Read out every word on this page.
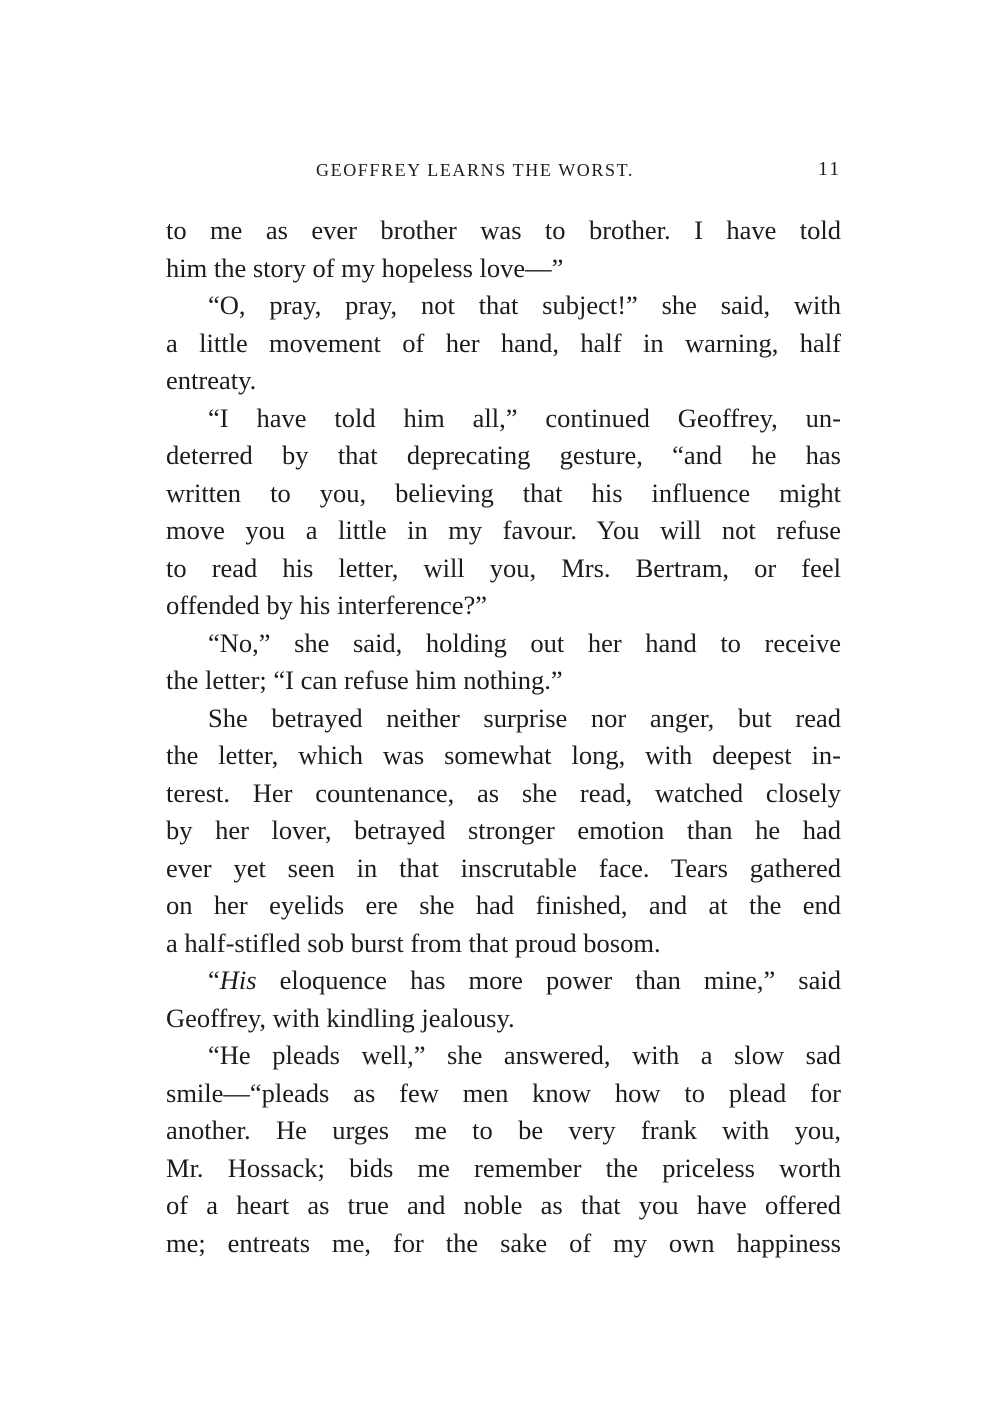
GEOFFREY LEARNS THE WORST.	11
to me as ever brother was to brother. I have told
him the story of my hopeless love—”
“O, pray, pray, not that subject!” she said, with
a little movement of her hand, half in warning, half
entreaty.
“I have told him all,” continued Geoffrey, un-
deterred by that deprecating gesture, “and he has
written to you, believing that his influence might
move you a little in my favour. You will not refuse
to read his letter, will you, Mrs. Bertram, or feel
offended by his interference?”
“No,” she said, holding out her hand to receive
the letter; “I can refuse him nothing.”
She betrayed neither surprise nor anger, but read
the letter, which was somewhat long, with deepest in-
terest. Her countenance, as she read, watched closely
by her lover, betrayed stronger emotion than he had
ever yet seen in that inscrutable face. Tears gathered
on her eyelids ere she had finished, and at the end
a half-stifled sob burst from that proud bosom.
“His eloquence has more power than mine,” said
Geoffrey, with kindling jealousy.
“He pleads well,” she answered, with a slow sad
smile—“pleads as few men know how to plead for
another. He urges me to be very frank with you,
Mr. Hossack; bids me remember the priceless worth
of a heart as true and noble as that you have offered
me; entreats me, for the sake of my own happiness
